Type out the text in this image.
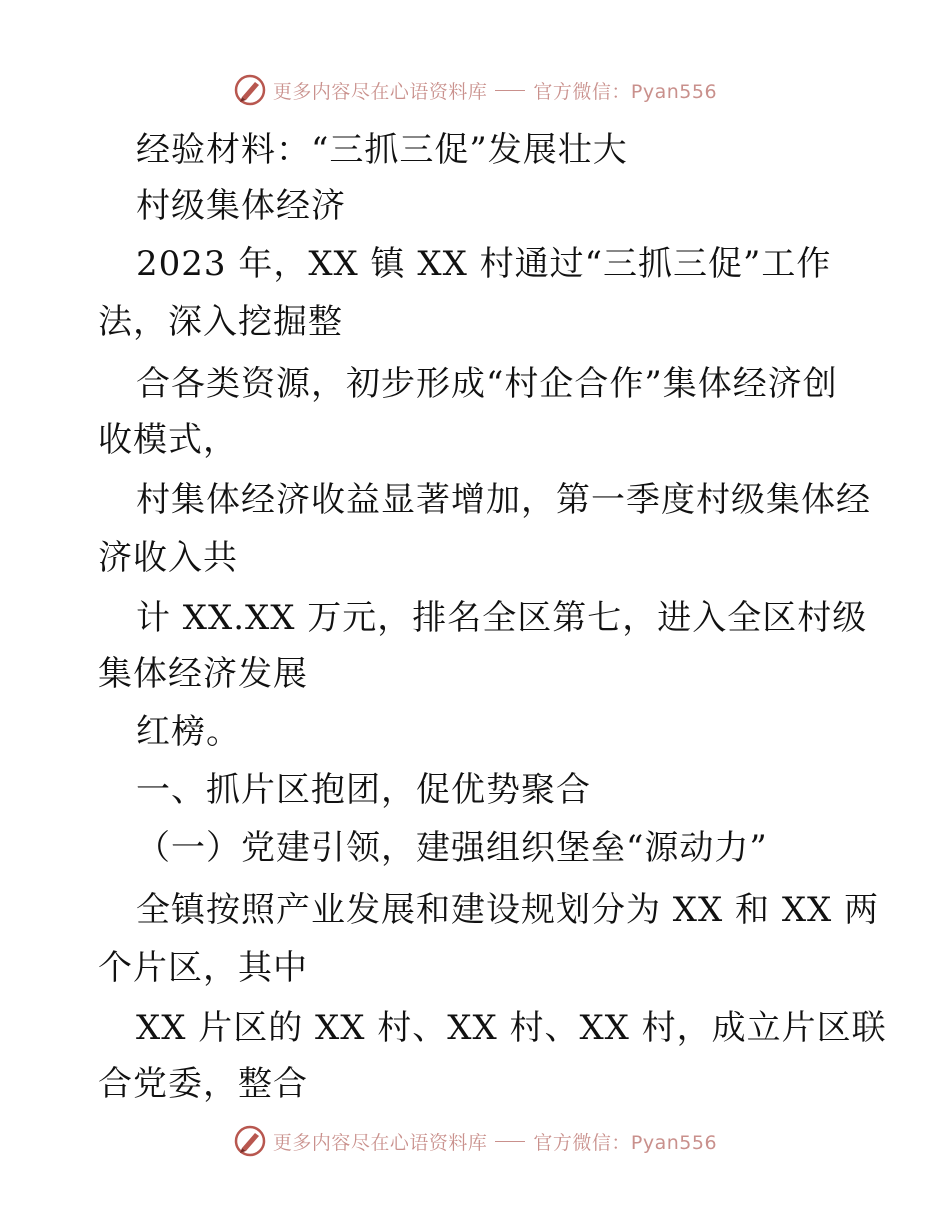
更多内容尽在心语资料库 官方微信：Pyan556
经验材料：“三抓三促”发展壮大
村级集体经济
2023 年，XX 镇 XX 村通过“三抓三促”工作
法，深入挖掘整
合各类资源，初步形成“村企合作”集体经济创
收模式，
村集体经济收益显著增加，第一季度村级集体经
济收入共
计 XX.XX 万元，排名全区第七，进入全区村级
集体经济发展
红榜。
一、抓片区抱团，促优势聚合
（一）党建引领，建强组织堡垒“源动力”
全镇按照产业发展和建设规划分为 XX 和 XX 两
个片区，其中
XX 片区的 XX 村、XX 村、XX 村，成立片区联
合党委，整合
更多内容尽在心语资料库 官方微信：Pyan556
